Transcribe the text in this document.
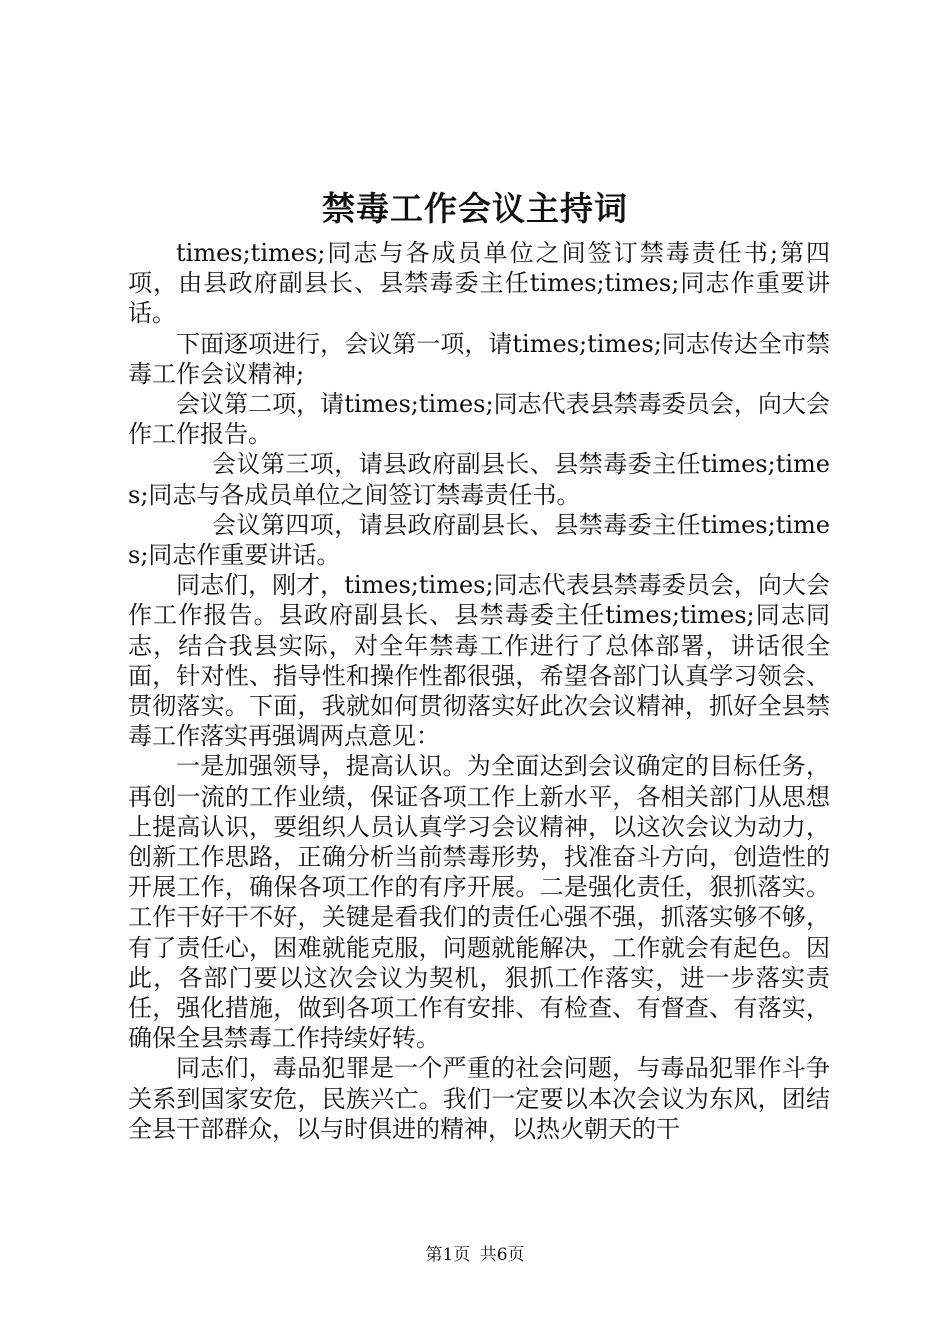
禁毒工作会议主持词

times;times;同志与各成员单位之间签订禁毒责任书;第四项，由县政府副县长、县禁毒委主任times;times;同志作重要讲话。

下面逐项进行，会议第一项，请times;times;同志传达全市禁毒工作会议精神;

会议第二项，请times;times;同志代表县禁毒委员会，向大会作工作报告。

会议第三项，请县政府副县长、县禁毒委主任times;times;同志与各成员单位之间签订禁毒责任书。

会议第四项，请县政府副县长、县禁毒委主任times;times;同志作重要讲话。

同志们，刚才，times;times;同志代表县禁毒委员会，向大会作工作报告。县政府副县长、县禁毒委主任times;times;同志同志，结合我县实际，对全年禁毒工作进行了总体部署，讲话很全面，针对性、指导性和操作性都很强，希望各部门认真学习领会、贯彻落实。下面，我就如何贯彻落实好此次会议精神，抓好全县禁毒工作落实再强调两点意见：

一是加强领导，提高认识。为全面达到会议确定的目标任务，再创一流的工作业绩，保证各项工作上新水平，各相关部门从思想上提高认识，要组织人员认真学习会议精神，以这次会议为动力，创新工作思路，正确分析当前禁毒形势，找准奋斗方向，创造性的开展工作，确保各项工作的有序开展。二是强化责任，狠抓落实。工作干好干不好，关键是看我们的责任心强不强，抓落实够不够，有了责任心，困难就能克服，问题就能解决，工作就会有起色。因此，各部门要以这次会议为契机，狠抓工作落实，进一步落实责任，强化措施，做到各项工作有安排、有检查、有督查、有落实，确保全县禁毒工作持续好转。

同志们，毒品犯罪是一个严重的社会问题，与毒品犯罪作斗争关系到国家安危，民族兴亡。我们一定要以本次会议为东风，团结全县干部群众，以与时俱进的精神，以热火朝天的干

第1页 共6页
